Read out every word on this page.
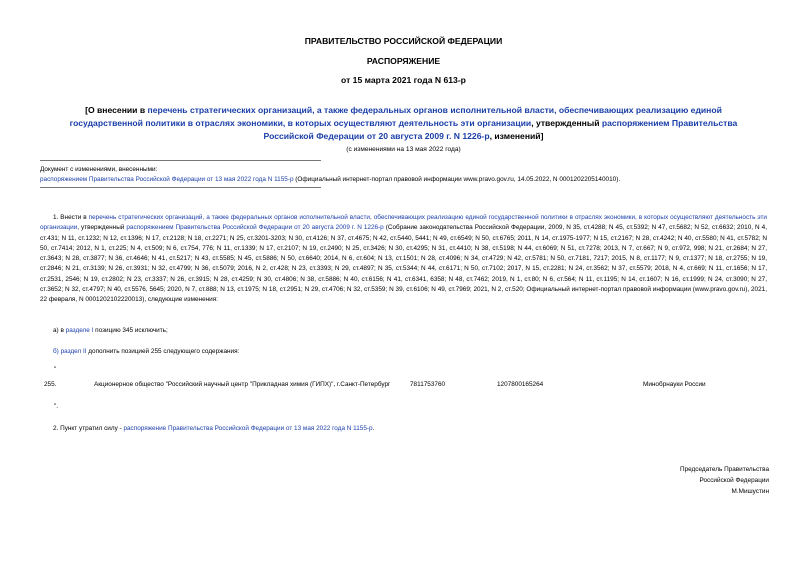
ПРАВИТЕЛЬСТВО РОССИЙСКОЙ ФЕДЕРАЦИИ
РАСПОРЯЖЕНИЕ
от 15 марта 2021 года N 613-р
[О внесении в перечень стратегических организаций, а также федеральных органов исполнительной власти, обеспечивающих реализацию единой государственной политики в отраслях экономики, в которых осуществляют деятельность эти организации, утвержденный распоряжением Правительства Российской Федерации от 20 августа 2009 г. N 1226-р, изменений]
(с изменениями на 13 мая 2022 года)
Документ с изменениями, внесенными:
распоряжением Правительства Российской Федерации от 13 мая 2022 года N 1155-р (Официальный интернет-портал правовой информации www.pravo.gov.ru, 14.05.2022, N 0001202205140010).

1. Внести в перечень стратегических организаций, а также федеральных органов исполнительной власти, обеспечивающих реализацию единой государственной политики в отраслях экономики, в которых осуществляют деятельность эти организации, утвержденный распоряжением Правительства Российской Федерации от 20 августа 2009 г. N 1226-р (Собрание законодательства Российской Федерации, 2009, N 35, ст.4288; N 45, ст.5392; N 47, ст.5682; N 52, ст.6632; 2010, N 4, ст.431; N 11, ст.1232; N 12, ст.1396; N 17, ст.2128; N 18, ст.2271; N 25, ст.3201-3203; N 30, ст.4126; N 37, ст.4675; N 42, ст.5440, 5441; N 49, ст.6549; N 50, ст.6765; 2011, N 14, ст.1975-1977; N 15, ст.2167; N 28, ст.4242; N 40, ст.5580; N 41, ст.5782; N 50, ст.7414; 2012, N 1, ст.225; N 4, ст.509; N 6, ст.754, 776; N 11, ст.1339; N 17, ст.2107; N 19, ст.2490; N 25, ст.3426; N 30, ст.4295; N 31, ст.4410; N 38, ст.5198; N 44, ст.6069; N 51, ст.7278; 2013, N 7, ст.667; N 9, ст.972, 998; N 21, ст.2684; N 27, ст.3643; N 28, ст.3877; N 36, ст.4646; N 41, ст.5217; N 43, ст.5585; N 45, ст.5886; N 50, ст.6640; 2014, N 6, ст.604; N 13, ст.1501; N 28, ст.4096; N 34, ст.4729; N 42, ст.5781; N 50, ст.7181, 7217; 2015, N 8, ст.1177; N 9, ст.1377; N 18, ст.2755; N 19, ст.2846; N 21, ст.3139; N 26, ст.3931; N 32, ст.4799; N 36, ст.5079; 2016, N 2, ст.428; N 23, ст.3393; N 29, ст.4897; N 35, ст.5344; N 44, ст.6171; N 50, ст.7102; 2017, N 15, ст.2281; N 24, ст.3562; N 37, ст.5579; 2018, N 4, ст.669; N 11, ст.1656; N 17, ст.2531, 2546; N 19, ст.2802; N 23, ст.3337; N 26, ст.3915; N 28, ст.4259; N 30, ст.4806; N 38, ст.5886; N 40, ст.6156; N 41, ст.6341, 6358; N 48, ст.7462; 2019, N 1, ст.80; N 6, ст.564; N 11, ст.1195; N 14, ст.1607; N 16, ст.1999; N 24, ст.3090; N 27, ст.3652; N 32, ст.4797; N 40, ст.5576, 5645; 2020, N 7, ст.888; N 13, ст.1975; N 18, ст.2951; N 29, ст.4706; N 32, ст.5359; N 39, ст.6106; N 49, ст.7969; 2021, N 2, ст.520; Официальный интернет-портал правовой информации (www.pravo.gov.ru), 2021, 22 февраля, N 0001202102220013), следующие изменения:

а) в разделе I позицию 345 исключить;
б) раздел II дополнить позицией 255 следующего содержания:
"
255.	Акционерное общество "Российский научный центр "Прикладная химия (ГИПХ)", г.Санкт-Петербург	7811753760	1207800165264	Минобрнауки России
".
2. Пункт утратил силу - распоряжение Правительства Российской Федерации от 13 мая 2022 года N 1155-р.
Председатель Правительства
Российской Федерации
М.Мишустин
